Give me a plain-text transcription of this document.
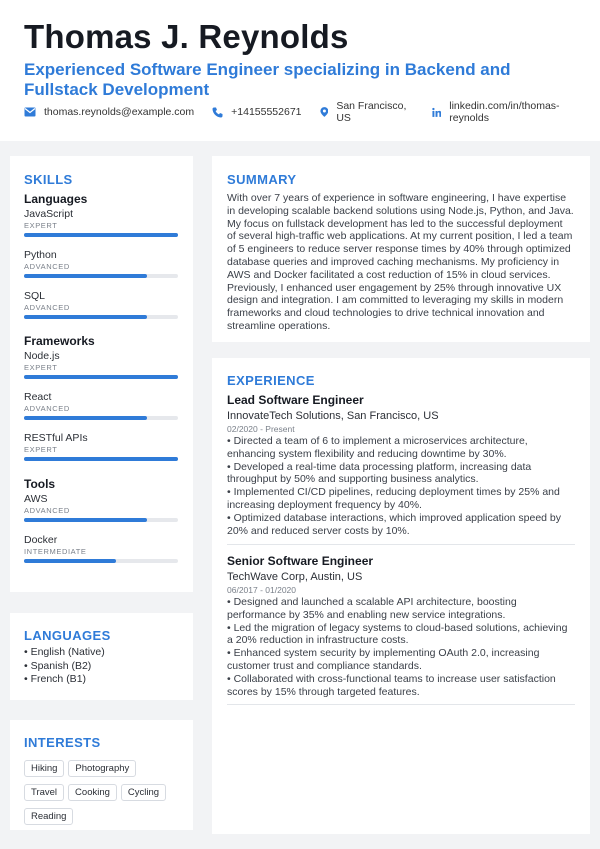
Thomas J. Reynolds
Experienced Software Engineer specializing in Backend and Fullstack Development
thomas.reynolds@example.com	+14155552671	San Francisco, US
linkedin.com/in/thomas-reynolds
SKILLS
Languages
JavaScript
EXPERT
Python
ADVANCED
SQL
ADVANCED
Frameworks
Node.js
EXPERT
React
ADVANCED
RESTful APIs
EXPERT
Tools
AWS
ADVANCED
Docker
INTERMEDIATE
LANGUAGES
• English (Native)
• Spanish (B2)
• French (B1)
INTERESTS
Hiking Photography
Travel Cooking Cycling
Reading
SUMMARY
With over 7 years of experience in software engineering, I have expertise
in developing scalable backend solutions using Node.js, Python, and Java.
My focus on fullstack development has led to the successful deployment
of several high-traffic web applications. At my current position, I led a team
of 5 engineers to reduce server response times by 40% through optimized
database queries and improved caching mechanisms. My proficiency in
AWS and Docker facilitated a cost reduction of 15% in cloud services.
Previously, I enhanced user engagement by 25% through innovative UX
design and integration. I am committed to leveraging my skills in modern
frameworks and cloud technologies to drive technical innovation and
streamline operations.
EXPERIENCE
Lead Software Engineer
InnovateTech Solutions, San Francisco, US
02/2020 - Present
• Directed a team of 6 to implement a microservices architecture,
enhancing system flexibility and reducing downtime by 30%.
• Developed a real-time data processing platform, increasing data
throughput by 50% and supporting business analytics.
• Implemented CI/CD pipelines, reducing deployment times by 25% and
increasing deployment frequency by 40%.
• Optimized database interactions, which improved application speed by
20% and reduced server costs by 10%.
Senior Software Engineer
TechWave Corp, Austin, US
06/2017 - 01/2020
• Designed and launched a scalable API architecture, boosting
performance by 35% and enabling new service integrations.
• Led the migration of legacy systems to cloud-based solutions, achieving
a 20% reduction in infrastructure costs.
• Enhanced system security by implementing OAuth 2.0, increasing
customer trust and compliance standards.
• Collaborated with cross-functional teams to increase user satisfaction
scores by 15% through targeted features.
